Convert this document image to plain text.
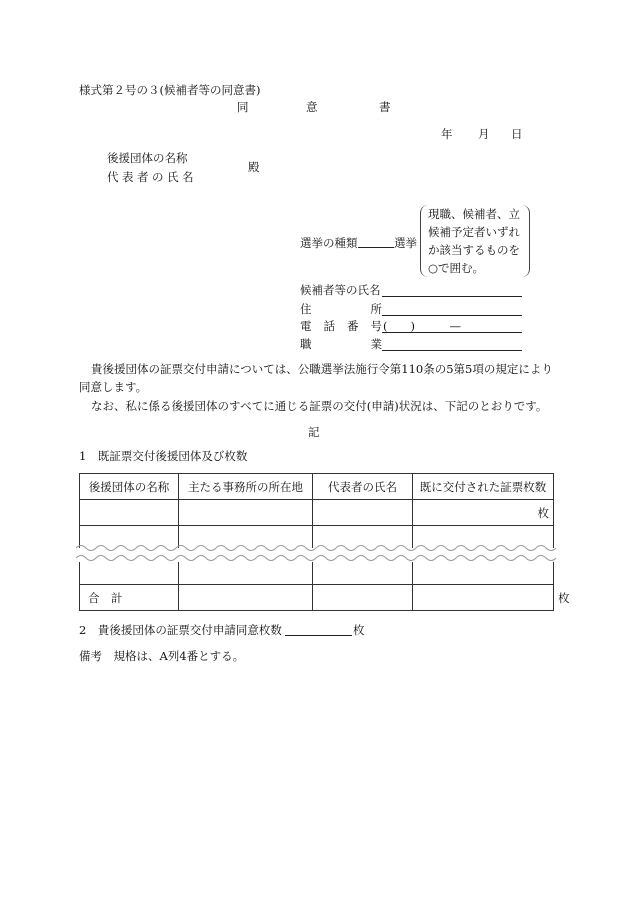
様式第２号の３(候補者等の同意書)
同	意	書
年 月 日
後援団体の名称
代表者の氏名
殿
選挙の種類	選挙
現職、候補者、立
候補予定者いずれ
か該当するものを
○で囲む。
候補者等の氏名
住	所
電 話 番 号 (　　)　　　—
職	業
貴後援団体の証票交付申請については、公職選挙法施行令第110条の5第5項の規定により同意します。
なお、私に係る後援団体のすべてに通じる証票の交付(申請)状況は、下記のとおりです。
記
1　既証票交付後援団体及び枚数
後援団体の名称	主たる事務所の所在地	代表者の氏名	既に交付された証票枚数	
			枚	

合　計				枚
2　貴後援団体の証票交付申請同意枚数	枚
備考　規格は、A列4番とする。
